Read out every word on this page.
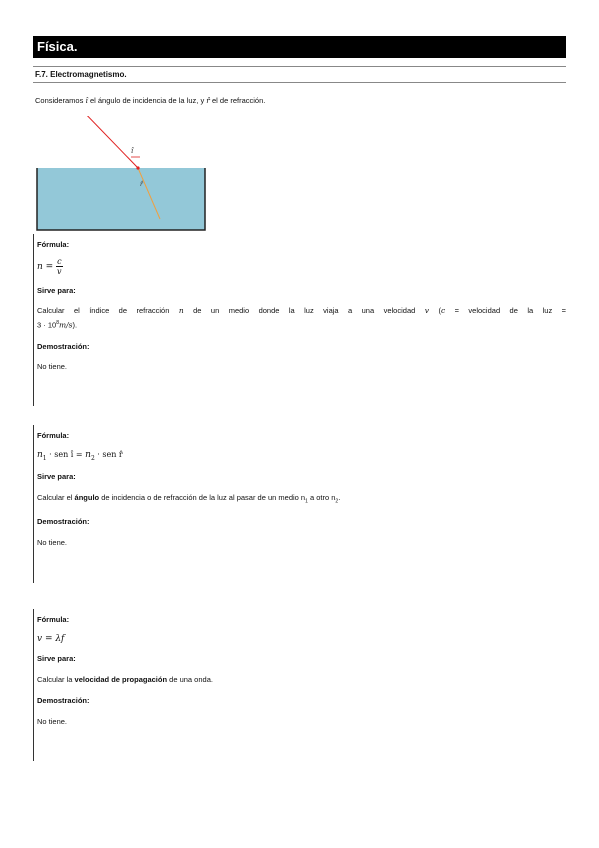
Física.
F.7. Electromagnetismo.
Consideramos î el ángulo de incidencia de la luz, y r̂ el de refracción.
î
r̂
Fórmula:
$n = \frac{c}{v}$
Sirve para:
Calcular el índice de refracción n de un medio donde la luz viaja a una velocidad v (c = velocidad de la luz =
$3 \cdot 10^8m/s$).
Demostración:
No tiene.
Fórmula:
$n_1$ · sen î = $n_2$ · sen r̂
Sirve para:
Calcular el ángulo de incidencia o de refracción de la luz al pasar de un medio $n_1$ a otro $n_2$.
Demostración:
No tiene.
Fórmula:
v = λf
Sirve para:
Calcular la velocidad de propagación de una onda.
Demostración:
No tiene.
